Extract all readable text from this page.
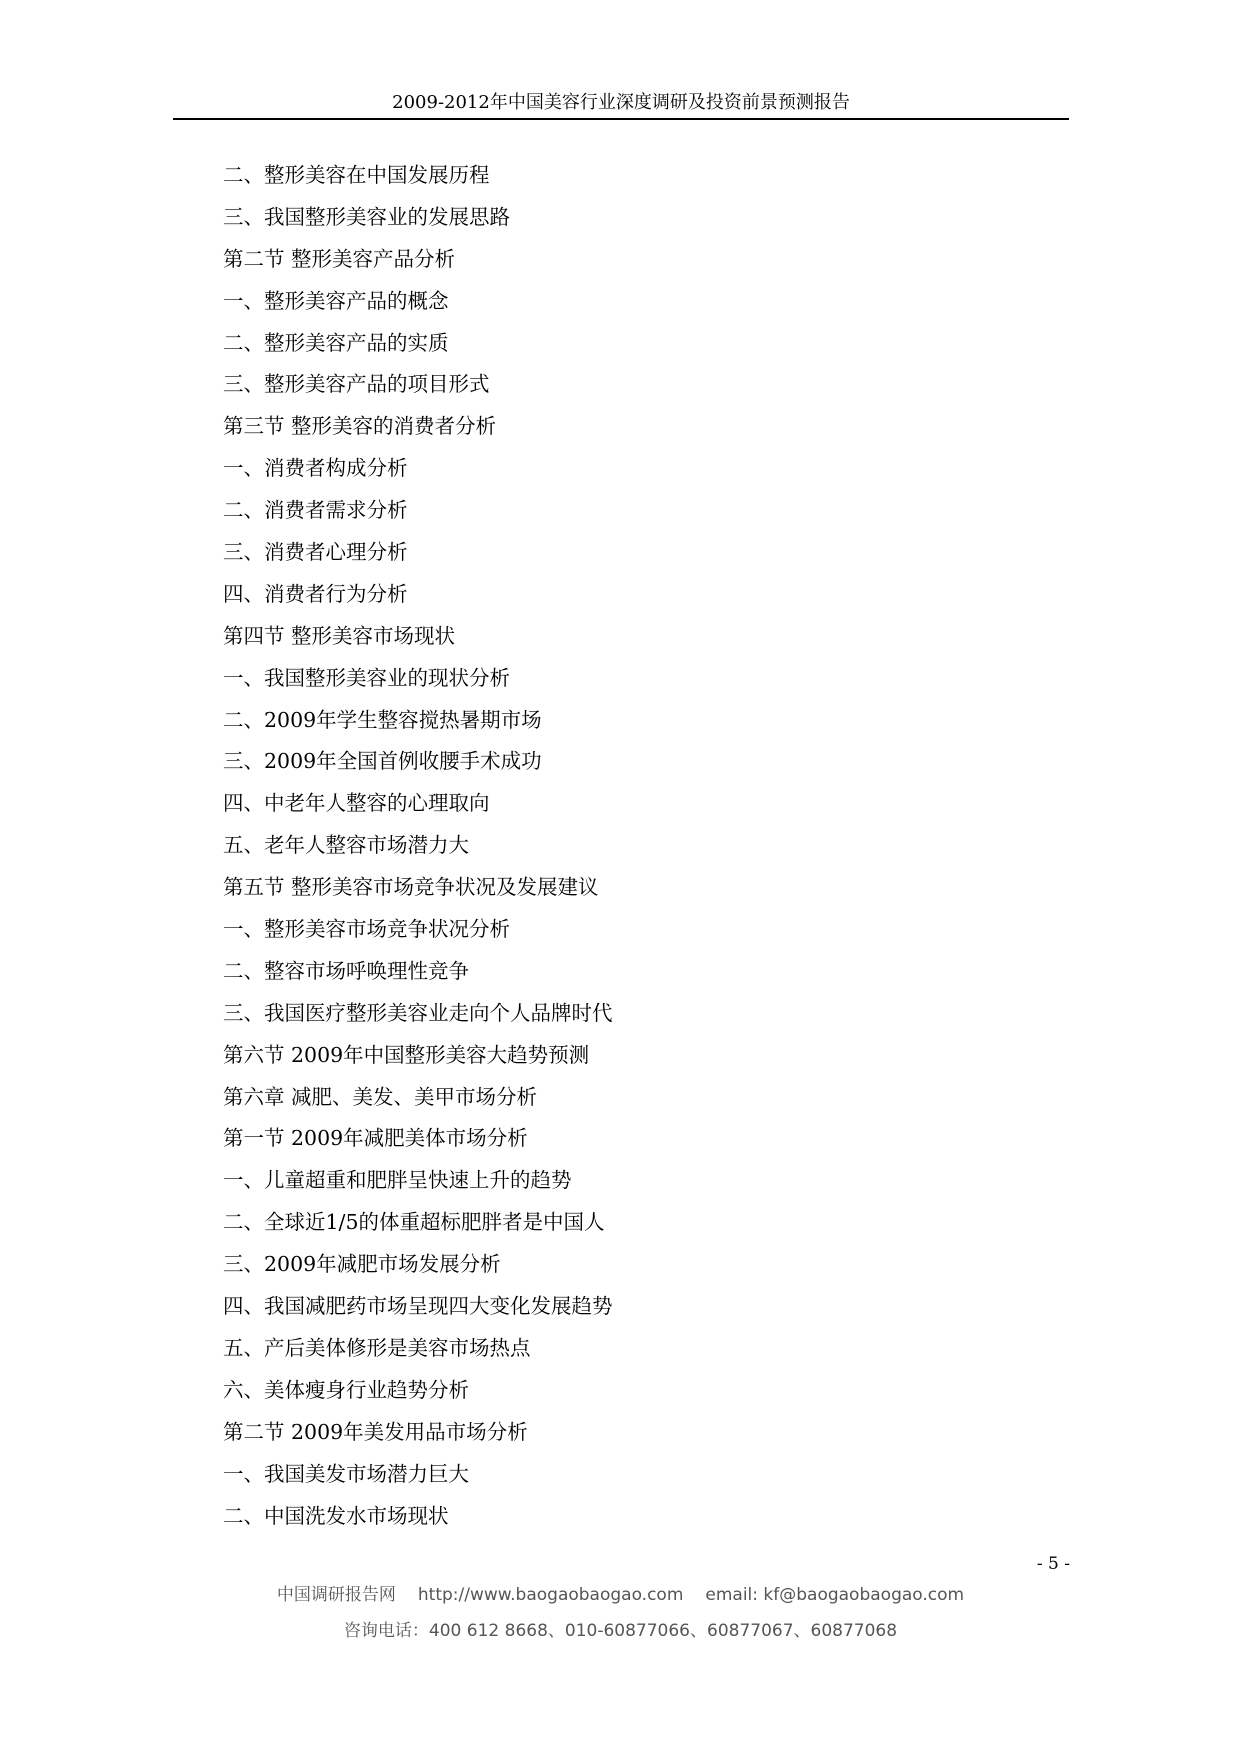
2009-2012年中国美容行业深度调研及投资前景预测报告
二、整形美容在中国发展历程
三、我国整形美容业的发展思路
第二节 整形美容产品分析
一、整形美容产品的概念
二、整形美容产品的实质
三、整形美容产品的项目形式
第三节 整形美容的消费者分析
一、消费者构成分析
二、消费者需求分析
三、消费者心理分析
四、消费者行为分析
第四节 整形美容市场现状
一、我国整形美容业的现状分析
二、2009年学生整容搅热暑期市场
三、2009年全国首例收腰手术成功
四、中老年人整容的心理取向
五、老年人整容市场潜力大
第五节 整形美容市场竞争状况及发展建议
一、整形美容市场竞争状况分析
二、整容市场呼唤理性竞争
三、我国医疗整形美容业走向个人品牌时代
第六节 2009年中国整形美容大趋势预测
第六章 减肥、美发、美甲市场分析
第一节 2009年减肥美体市场分析
一、儿童超重和肥胖呈快速上升的趋势
二、全球近1/5的体重超标肥胖者是中国人
三、2009年减肥市场发展分析
四、我国减肥药市场呈现四大变化发展趋势
五、产后美体修形是美容市场热点
六、美体瘦身行业趋势分析
第二节 2009年美发用品市场分析
一、我国美发市场潜力巨大
二、中国洗发水市场现状
- 5 -
中国调研报告网 http://www.baogaobaogao.com email: kf@baogaobaogao.com
咨询电话：400 612 8668、010-60877066、60877067、60877068
